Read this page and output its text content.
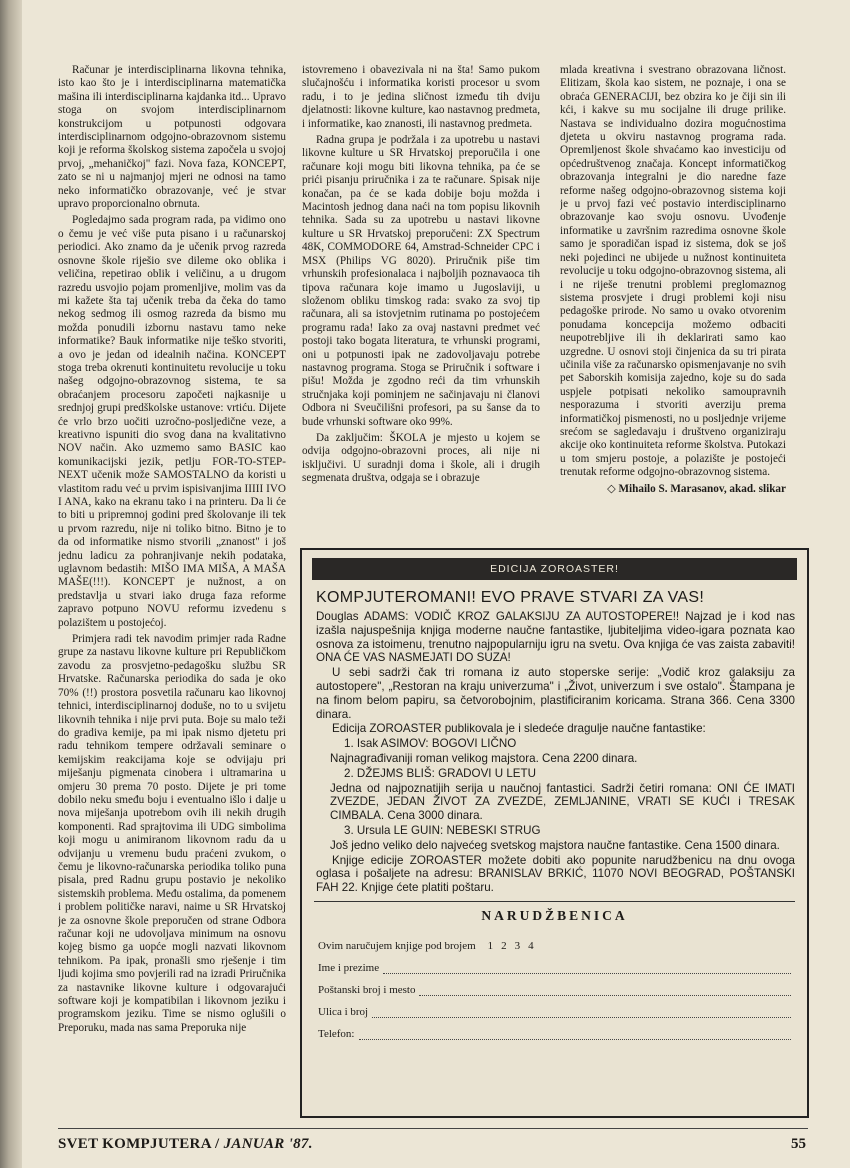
Računar je interdisciplinarna likovna tehnika, isto kao što je i interdisciplinarna matematička mašina ili interdisciplinarna kajdanka itd... Upravo stoga on svojom interdisciplinarnom konstrukcijom u potpunosti odgovara interdisciplinarnom odgojno-obrazovnom sistemu koji je reforma školskog sistema započela u svojoj prvoj, „mehaničkoj" fazi. Nova faza, KONCEPT, zato se ni u najmanjoj mjeri ne odnosi na tamo neko informatičko obrazovanje, već je stvar upravo proporcionalno obrnuta.

Pogledajmo sada program rada, pa vidimo ono o čemu je već više puta pisano i u računarskoj periodici. Ako znamo da je učenik prvog razreda osnovne škole riješio sve dileme oko oblika i veličina, repetirao oblik i veličinu, a u drugom razredu usvojio pojam promenljive, molim vas da mi kažete šta taj učenik treba da čeka do tamo nekog sedmog ili osmog razreda da bismo mu možda ponudili izbornu nastavu tamo neke informatike? Bauk informatike nije teško stvoriti, a ovo je jedan od idealnih načina. KONCEPT stoga treba okrenuti kontinuitetu revolucije u toku našeg odgojno-obrazovnog sistema, te sa obraćanjem procesoru započeti najkasnije u srednjoj grupi predškolske ustanove: vrtiću. Dijete će vrlo brzo uočiti uzročno-posljedične veze, a kreativno ispuniti dio svog dana na kvalitativno NOV način. Ako uzmemo samo BASIC kao komunikacijski jezik, petlju FOR-TO-STEP-NEXT učenik može SAMOSTALNO da koristi u vlastitom radu već u prvim ispisivanjima IIIII IVO I ANA, kako na ekranu tako i na printeru. Da li će to biti u pripremnoj godini pred školovanje ili tek u prvom razredu, nije ni toliko bitno. Bitno je to da od informatike nismo stvorili „znanost" i još jednu ladicu za pohranjivanje nekih podataka, uglavnom bedastih: MIŠO IMA MIŠA, A MAŠA MAŠE(!!!). KONCEPT je nužnost, a on predstavlja u stvari iako druga faza reforme zapravo potpuno NOVU reformu izvedenu s polazištem u postojećoj.

Primjera radi tek navodim primjer rada Radne grupe za nastavu likovne kulture pri Republičkom zavodu za prosvjetno-pedagošku službu SR Hrvatske. Računarska periodika do sada je oko 70% (!!) prostora posvetila računaru kao likovnoj tehnici, interdisciplinarnoj doduše, no to u svijetu likovnih tehnika i nije prvi puta. Boje su malo teži do gradiva kemije, pa mi ipak nismo djetetu pri radu tehnikom tempere održavali seminare o kemijskim reakcijama koje se odvijaju pri miješanju pigmenata cinobera i ultramarina u omjeru 30 prema 70 posto. Dijete je pri tome dobilo neku smeđu boju i eventualno išlo i dalje u nova miješanja upotrebom ovih ili nekih drugih komponenti. Rad sprajtovima ili UDG simbolima koji mogu u animiranom likovnom radu da u odvijanju u vremenu budu praćeni zvukom, o čemu je likovno-računarska periodika toliko puna pisala, pred Radnu grupu postavio je nekoliko sistemskih problema. Među ostalima, da pomenem i problem političke naravi, naime u SR Hrvatskoj je za osnovne škole preporučen od strane Odbora računar koji ne udovoljava minimum na osnovu kojeg bismo ga uopće mogli nazvati likovnom tehnikom. Pa ipak, pronašli smo rješenje i tim ljudi kojima smo povjerili rad na izradi Priručnika za nastavnike likovne kulture i odgovarajući software koji je kompatibilan i likovnom jeziku i programskom jeziku. Time se nismo oglušili o Preporuku, mada nas sama Preporuka nije

istovremeno i obavezivala ni na šta! Samo pukom slučajnošću i informatika koristi procesor u svom radu, i to je jedina sličnost između tih dviju djelatnosti: likovne kulture, kao nastavnog predmeta, i informatike, kao znanosti, ili nastavnog predmeta.

Radna grupa je podržala i za upotrebu u nastavi likovne kulture u SR Hrvatskoj preporučila i one računare koji mogu biti likovna tehnika, pa će se prići pisanju priručnika i za te računare. Spisak nije konačan, pa će se kada dobije boju možda i Macintosh jednog dana naći na tom popisu likovnih tehnika. Sada su za upotrebu u nastavi likovne kulture u SR Hrvatskoj preporučeni: ZX Spectrum 48K, COMMODORE 64, Amstrad-Schneider CPC i MSX (Philips VG 8020). Priručnik piše tim vrhunskih profesionalaca i najboljih poznavaoca tih tipova računara koje imamo u Jugoslaviji, u složenom obliku timskog rada: svako za svoj tip računara, ali sa istovjetnim rutinama po postojećem programu rada! Iako za ovaj nastavni predmet već postoji tako bogata literatura, te vrhunski programi, oni u potpunosti ipak ne zadovoljavaju potrebe nastavnog programa. Stoga se Priručnik i software i pišu! Možda je zgodno reći da tim vrhunskih stručnjaka koji pominjem ne sačinjavaju ni članovi Odbora ni Sveučilišni profesori, pa su šanse da to bude vrhunski software oko 99%.

Da zaključim: ŠKOLA je mjesto u kojem se odvija odgojno-obrazovni proces, ali nije ni isključivi. U suradnji doma i škole, ali i drugih segmenata društva, odgaja se i obrazuje

mlada kreativna i svestrano obrazovana ličnost. Elitizam, škola kao sistem, ne poznaje, i ona se obraća GENERACIJI, bez obzira ko je čiji sin ili kći, i kakve su mu socijalne ili druge prilike. Nastava se individualno dozira mogućnostima djeteta u okviru nastavnog programa rada. Opremljenost škole shvaćamo kao investiciju od općedruštvenog značaja. Koncept informatičkog obrazovanja integralni je dio naredne faze reforme našeg odgojno-obrazovnog sistema koji je u prvoj fazi već postavio interdisciplinarno obrazovanje kao svoju osnovu. Uvođenje informatike u završnim razredima osnovne škole samo je sporadičan ispad iz sistema, dok se još neki pojedinci ne ubijede u nužnost kontinuiteta revolucije u toku odgojno-obrazovnog sistema, ali i ne riješe trenutni problemi preglomaznog sistema prosvjete i drugi problemi koji nisu pedagoške prirode. No samo u ovako otvorenim ponudama koncepcija možemo odbaciti neupotrebljive ili ih deklarirati samo kao uzgredne. U osnovi stoji činjenica da su tri pirata učinila više za računarsko opismenjavanje no svih pet Saborskih komisija zajedno, koje su do sada uspjele potpisati nekoliko samoupravnih nesporazuma i stvoriti averziju prema informatičkoj pismenosti, no u posljednje vrijeme srećom se sagledavaju i društveno organiziraju akcije oko kontinuiteta reforme školstva. Putokazi u tom smjeru postoje, a polazište je postojeći trenutak reforme odgojno-obrazovnog sistema.

◇ Mihailo S. Marasanov, akad. slikar

EDICIJA ZOROASTER!
KOMPJUTEROMANI! EVO PRAVE STVARI ZA VAS!

Douglas ADAMS: VODIČ KROZ GALAKSIJU ZA AUTOSTOPERE!! Najzad je i kod nas izašla najuspešnija knjiga moderne naučne fantastike, ljubiteljima video-igara poznata kao osnova za istoimenu, trenutno najpopularniju igru na svetu. Ova knjiga će vas zaista zabaviti! ONA ĆE VAS NASMEJATI DO SUZA!

U sebi sadrži čak tri romana iz auto stoperske serije: „Vodič kroz galaksiju za autostopere", „Restoran na kraju univerzuma" i „Život, univerzum i sve ostalo". Štampana je na finom belom papiru, sa četvorobojnim, plastificiranim koricama. Strana 366. Cena 3300 dinara.

Edicija ZOROASTER publikovala je i sledeće dragulje naučne fantastike:

1. Isak ASIMOV: BOGOVI LIČNO

Najnagrađivaniji roman velikog majstora. Cena 2200 dinara.

2. DŽEJMS BLIŠ: GRADOVI U LETU

Jedna od najpoznatijih serija u naučnoj fantastici. Sadrži četiri romana: ONI ĆE IMATI ZVEZDE, JEDAN ŽIVOT ZA ZVEZDE, ZEMLJANINE, VRATI SE KUĆI i TRESAK CIMBALA. Cena 3000 dinara.

3. Ursula LE GUIN: NEBESKI STRUG

Još jedno veliko delo najvećeg svetskog majstora naučne fantastike. Cena 1500 dinara.

Knjige edicije ZOROASTER možete dobiti ako popunite narudžbenicu na dnu ovoga oglasa i pošaljete na adresu: BRANISLAV BRKIĆ, 11070 NOVI BEOGRAD, POŠTANSKI FAH 22. Knjige ćete platiti poštaru.

NARUDŽBENICA
Ovim naručujem knjige pod brojem	1 2 3 4
Ime i prezime
Poštanski broj i mesto
Ulica i broj
Telefon:
SVET KOMPJUTERA / JANUAR '87.	55
